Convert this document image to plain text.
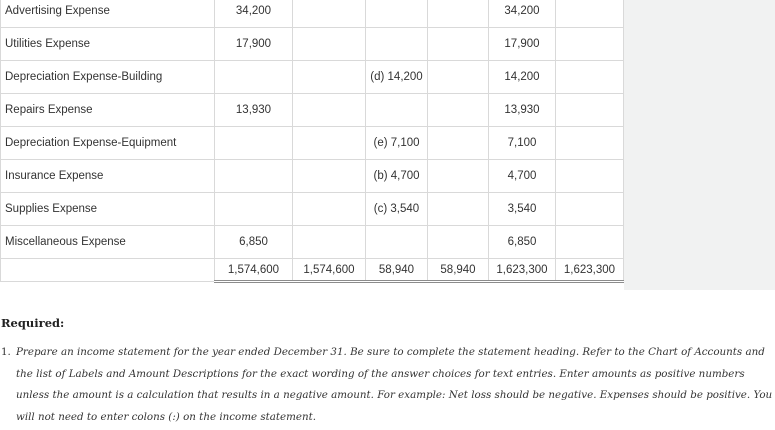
Advertising Expense	34,200				34,200	
Utilities Expense	17,900				17,900	
Depreciation Expense-Building			(d) 14,200		14,200	
Repairs Expense	13,930				13,930	
Depreciation Expense-Equipment			(e) 7,100		7,100	
Insurance Expense			(b) 4,700		4,700	
Supplies Expense			(c) 3,540		3,540	
Miscellaneous Expense	6,850				6,850	
	1,574,600	1,574,600	58,940	58,940	1,623,300	1,623,300

Required:

1. Prepare an income statement for the year ended December 31. Be sure to complete the statement heading. Refer to the Chart of Accounts and the list of Labels and Amount Descriptions for the exact wording of the answer choices for text entries. Enter amounts as positive numbers unless the amount is a calculation that results in a negative amount. For example: Net loss should be negative. Expenses should be positive. You will not need to enter colons (:) on the income statement.
